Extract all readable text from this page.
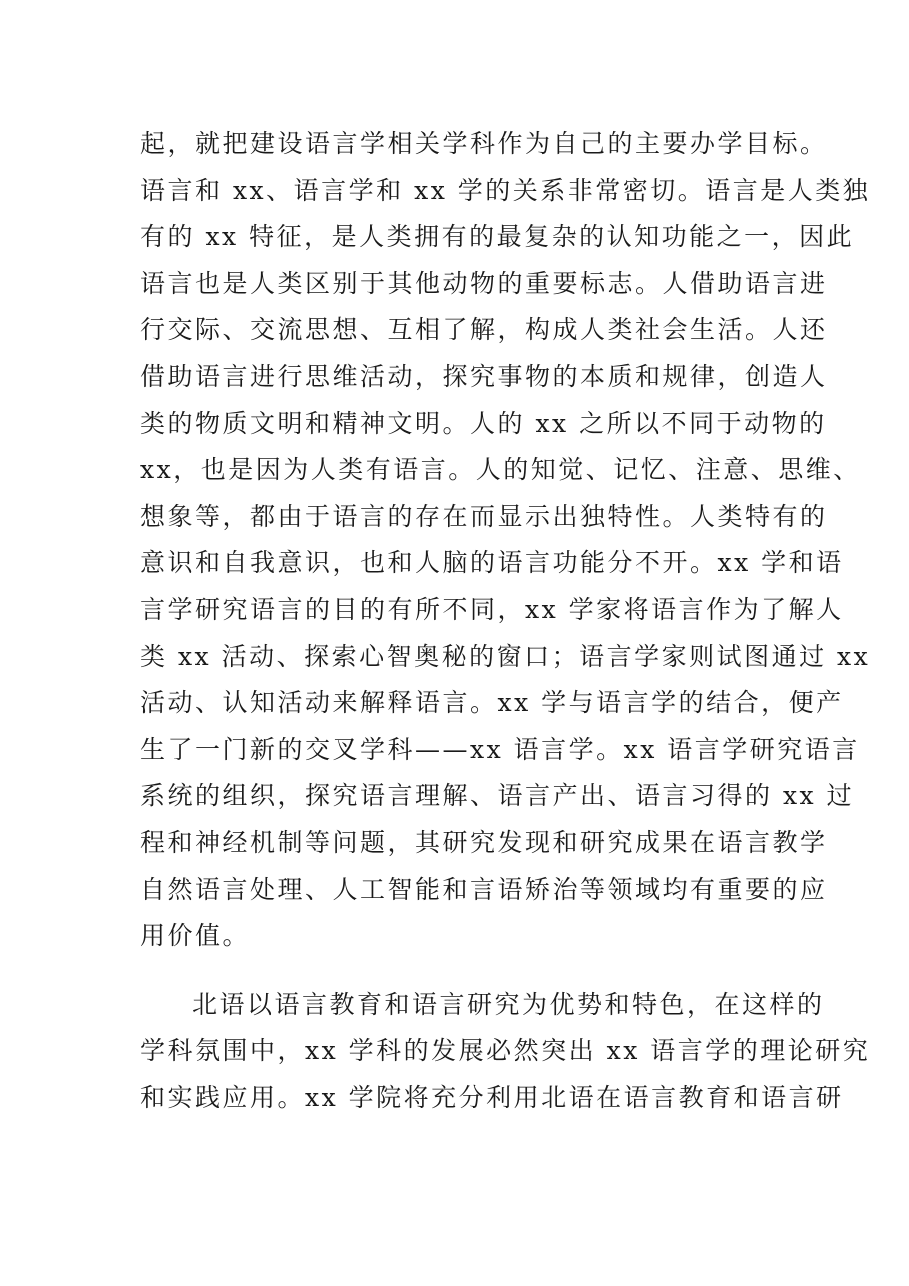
起，就把建设语言学相关学科作为自己的主要办学目标。
语言和 xx、语言学和 xx 学的关系非常密切。语言是人类独
有的 xx 特征，是人类拥有的最复杂的认知功能之一，因此
语言也是人类区别于其他动物的重要标志。人借助语言进
行交际、交流思想、互相了解，构成人类社会生活。人还
借助语言进行思维活动，探究事物的本质和规律，创造人
类的物质文明和精神文明。人的 xx 之所以不同于动物的
xx，也是因为人类有语言。人的知觉、记忆、注意、思维、
想象等，都由于语言的存在而显示出独特性。人类特有的
意识和自我意识，也和人脑的语言功能分不开。xx 学和语
言学研究语言的目的有所不同，xx 学家将语言作为了解人
类 xx 活动、探索心智奥秘的窗口；语言学家则试图通过 xx
活动、认知活动来解释语言。xx 学与语言学的结合，便产
生了一门新的交叉学科——xx 语言学。xx 语言学研究语言
系统的组织，探究语言理解、语言产出、语言习得的 xx 过
程和神经机制等问题，其研究发现和研究成果在语言教学
自然语言处理、人工智能和言语矫治等领域均有重要的应
用价值。
北语以语言教育和语言研究为优势和特色，在这样的
学科氛围中，xx 学科的发展必然突出 xx 语言学的理论研究
和实践应用。xx 学院将充分利用北语在语言教育和语言研
